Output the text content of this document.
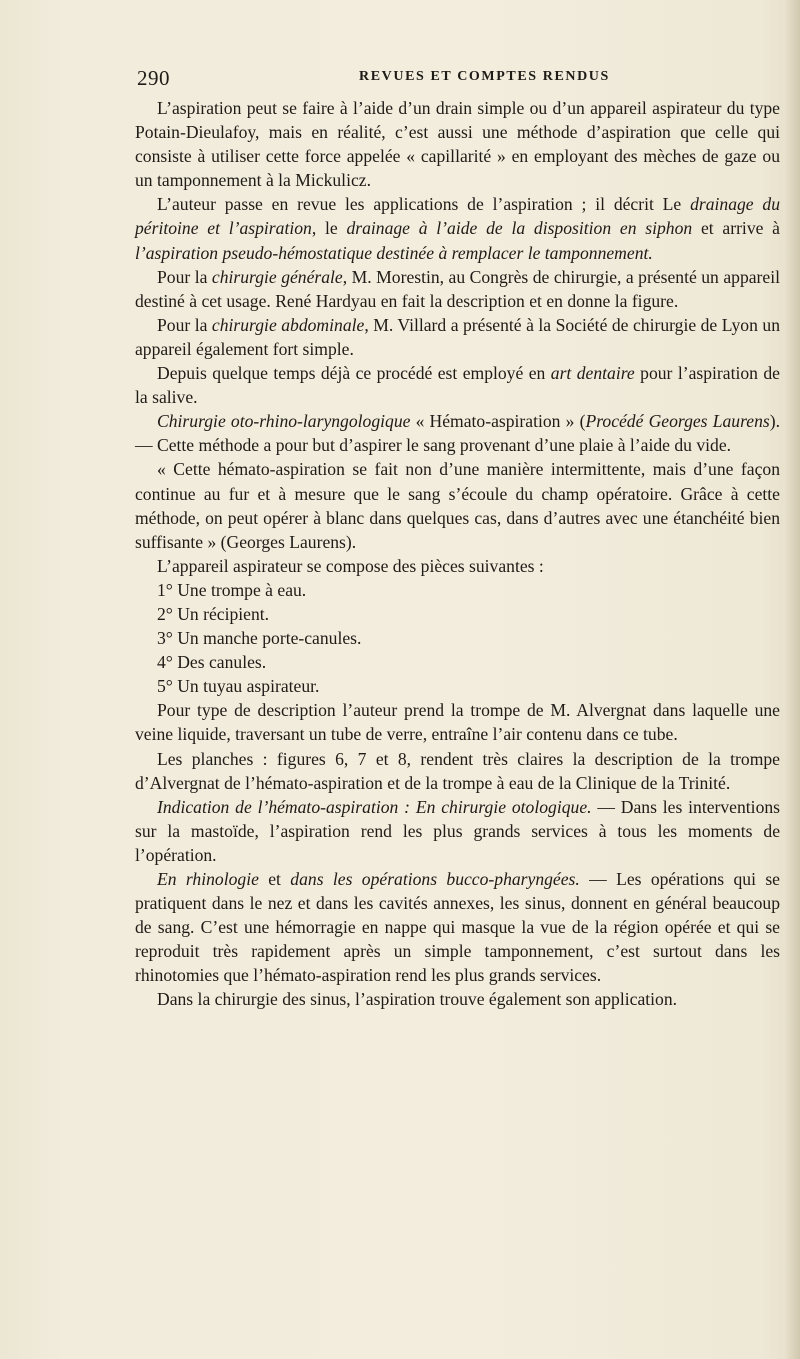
290	REVUES ET COMPTES RENDUS

L’aspiration peut se faire à l’aide d’un drain simple ou d’un appareil aspirateur du type Potain-Dieulafoy, mais en réalité, c’est aussi une méthode d’aspiration que celle qui consiste à utiliser cette force appelée « capillarité » en employant des mèches de gaze ou un tamponnement à la Mickulicz.

L’auteur passe en revue les applications de l’aspiration ; il décrit Le drainage du péritoine et l’aspiration, le drainage à l’aide de la disposition en siphon et arrive à l’aspiration pseudo-hémostatique destinée à remplacer le tamponnement.

Pour la chirurgie générale, M. Morestin, au Congrès de chirurgie, a présenté un appareil destiné à cet usage. René Hardyau en fait la description et en donne la figure.

Pour la chirurgie abdominale, M. Villard a présenté à la Société de chirurgie de Lyon un appareil également fort simple.

Depuis quelque temps déjà ce procédé est employé en art dentaire pour l’aspiration de la salive.

Chirurgie oto-rhino-laryngologique « Hémato-aspiration » (Procédé Georges Laurens). — Cette méthode a pour but d’aspirer le sang provenant d’une plaie à l’aide du vide.

« Cette hémato-aspiration se fait non d’une manière intermittente, mais d’une façon continue au fur et à mesure que le sang s’écoule du champ opératoire. Grâce à cette méthode, on peut opérer à blanc dans quelques cas, dans d’autres avec une étanchéité bien suffisante » (Georges Laurens).

L’appareil aspirateur se compose des pièces suivantes :

1° Une trompe à eau.

2° Un récipient.

3° Un manche porte-canules.

4° Des canules.

5° Un tuyau aspirateur.

Pour type de description l’auteur prend la trompe de M. Alvergnat dans laquelle une veine liquide, traversant un tube de verre, entraîne l’air contenu dans ce tube.

Les planches : figures 6, 7 et 8, rendent très claires la description de la trompe d’Alvergnat de l’hémato-aspiration et de la trompe à eau de la Clinique de la Trinité.

Indication de l’hémato-aspiration : En chirurgie otologique. — Dans les interventions sur la mastoïde, l’aspiration rend les plus grands services à tous les moments de l’opération.

En rhinologie et dans les opérations bucco-pharyngées. — Les opérations qui se pratiquent dans le nez et dans les cavités annexes, les sinus, donnent en général beaucoup de sang. C’est une hémorragie en nappe qui masque la vue de la région opérée et qui se reproduit très rapidement après un simple tamponnement, c’est surtout dans les rhinotomies que l’hémato-aspiration rend les plus grands services.

Dans la chirurgie des sinus, l’aspiration trouve également son application.
